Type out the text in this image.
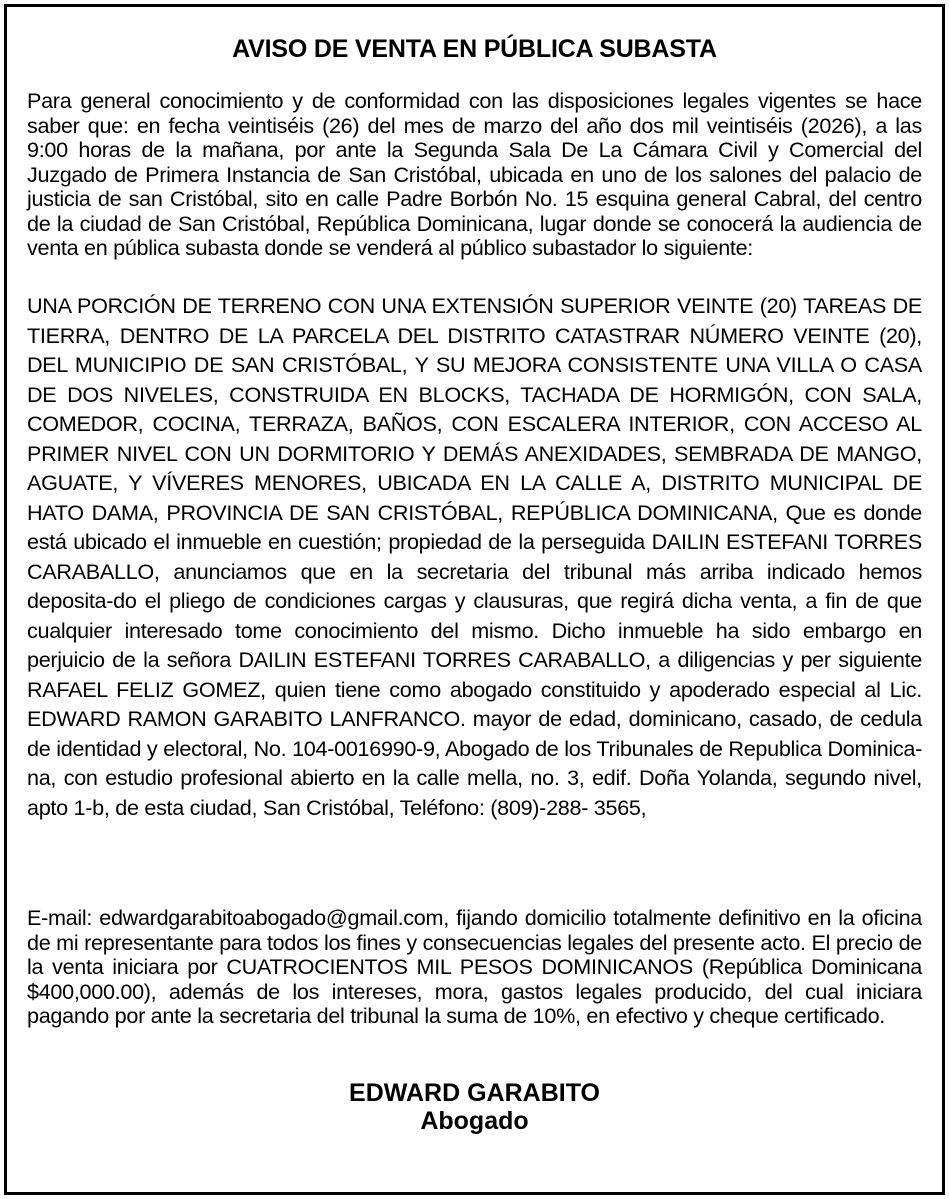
AVISO DE VENTA EN PÚBLICA SUBASTA

Para general conocimiento y de conformidad con las disposiciones legales vigentes se hace saber que: en fecha veintiséis (26) del mes de marzo del año dos mil veintiséis (2026), a las 9:00 horas de la mañana, por ante la Segunda Sala De La Cámara Civil y Comercial del Juzgado de Primera Instancia de San Cristóbal, ubicada en uno de los salones del palacio de justicia de san Cristóbal, sito en calle Padre Borbón No. 15 esquina general Cabral, del centro de la ciudad de San Cristóbal, República Dominicana, lugar donde se conocerá la audiencia de venta en pública subasta donde se venderá al público subastador lo siguiente:

UNA PORCIÓN DE TERRENO CON UNA EXTENSIÓN SUPERIOR VEINTE (20) TAREAS DE TIERRA, DENTRO DE LA PARCELA DEL DISTRITO CATASTRAR NÚMERO VEINTE (20), DEL MUNICIPIO DE SAN CRISTÓBAL, Y SU MEJORA CONSISTENTE UNA VILLA O CASA DE DOS NIVELES, CONSTRUIDA EN BLOCKS, TACHADA DE HORMIGÓN, CON SALA, COMEDOR, COCINA, TERRAZA, BAÑOS, CON ESCALERA INTERIOR, CON ACCESO AL PRIMER NIVEL CON UN DORMITORIO Y DEMÁS ANEXIDADES, SEMBRADA DE MANGO, AGUATE, Y VÍVERES MENORES, UBICADA EN LA CALLE A, DISTRITO MUNICIPAL DE HATO DAMA, PROVINCIA DE SAN CRISTÓBAL, REPÚBLICA DOMINICANA, Que es donde está ubicado el inmueble en cuestión; propiedad de la perseguida DAILIN ESTEFANI TORRES CARABALLO, anunciamos que en la secretaria del tribunal más arriba indicado hemos deposita-do el pliego de condiciones cargas y clausuras, que regirá dicha venta, a fin de que cualquier interesado tome conocimiento del mismo. Dicho inmueble ha sido embargo en perjuicio de la señora DAILIN ESTEFANI TORRES CARABALLO, a diligencias y per siguiente RAFAEL FELIZ GOMEZ, quien tiene como abogado constituido y apoderado especial al Lic. EDWARD RAMON GARABITO LANFRANCO. mayor de edad, dominicano, casado, de cedula de identidad y electoral, No. 104-0016990-9, Abogado de los Tribunales de Republica Dominica-na, con estudio profesional abierto en la calle mella, no. 3, edif. Doña Yolanda, segundo nivel, apto 1-b, de esta ciudad, San Cristóbal, Teléfono: (809)-288- 3565,

E-mail: edwardgarabitoabogado@gmail.com, fijando domicilio totalmente definitivo en la oficina de mi representante para todos los fines y consecuencias legales del presente acto. El precio de la venta iniciara por CUATROCIENTOS MIL PESOS DOMINICANOS (República Dominicana $400,000.00), además de los intereses, mora, gastos legales producido, del cual iniciara pagando por ante la secretaria del tribunal la suma de 10%, en efectivo y cheque certificado.

EDWARD GARABITO
Abogado
